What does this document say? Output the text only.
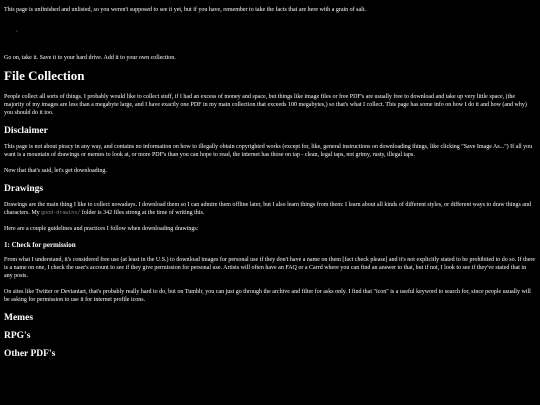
This page is unfinished and unlisted, so you weren't supposed to see it yet, but if you have, remember to take the facts that are here with a grain of salt.

·

Go on, take it. Save it to your hard drive. Add it to your own collection.

File Collection

People collect all sorts of things. I probably would like to collect stuff, if I had an excess of money and space, but things like image files or free PDF's are usually free to download and take up very little space, (the majority of my images are less than a megabyte large, and I have exactly one PDF in my main collection that exceeds 100 megabytes,) so that's what I collect. This page has some info on how I do it and how (and why) you should do it too.

Disclaimer

This page is not about piracy in any way, and contains no information on how to illegally obtain copyrighted works (except for, like, general instructions on downloading things, like clicking "Save Image As...") If all you want is a mountain of drawings or memes to look at, or more PDF's than you can hope to read, the internet has those on tap - clean, legal taps, not grimy, rusty, illegal taps.

Now that that's said, let's get downloading.

Drawings

Drawings are the main thing I like to collect nowadays. I download them so I can admire them offline later, but I also learn things from them: I learn about all kinds of different styles, or different ways to draw things and characters. My good-drawins/ folder is 342 files strong at the time of writing this.

Here are a couple guidelines and practices I follow when downloading drawings:

1: Check for permission

From what I understand, it's considered free use (at least in the U.S.) to download images for personal use if they don't have a name on them [fact check please] and it's not explicitly stated to be prohibited to do so. If there is a name on one, I check the user's account to see if they give permission for personal use. Artists will often have an FAQ or a Carrd where you can find an answer to that, but if not, I look to see if they've stated that in any posts.

On sites like Twitter or Deviantart, that's probably really hard to do, but on Tumblr, you can just go through the archive and filter for asks only. I find that "icon" is a useful keyword to search for, since people usually will be asking for permission to use it for internet profile icons.

Memes
RPG's
Other PDF's
